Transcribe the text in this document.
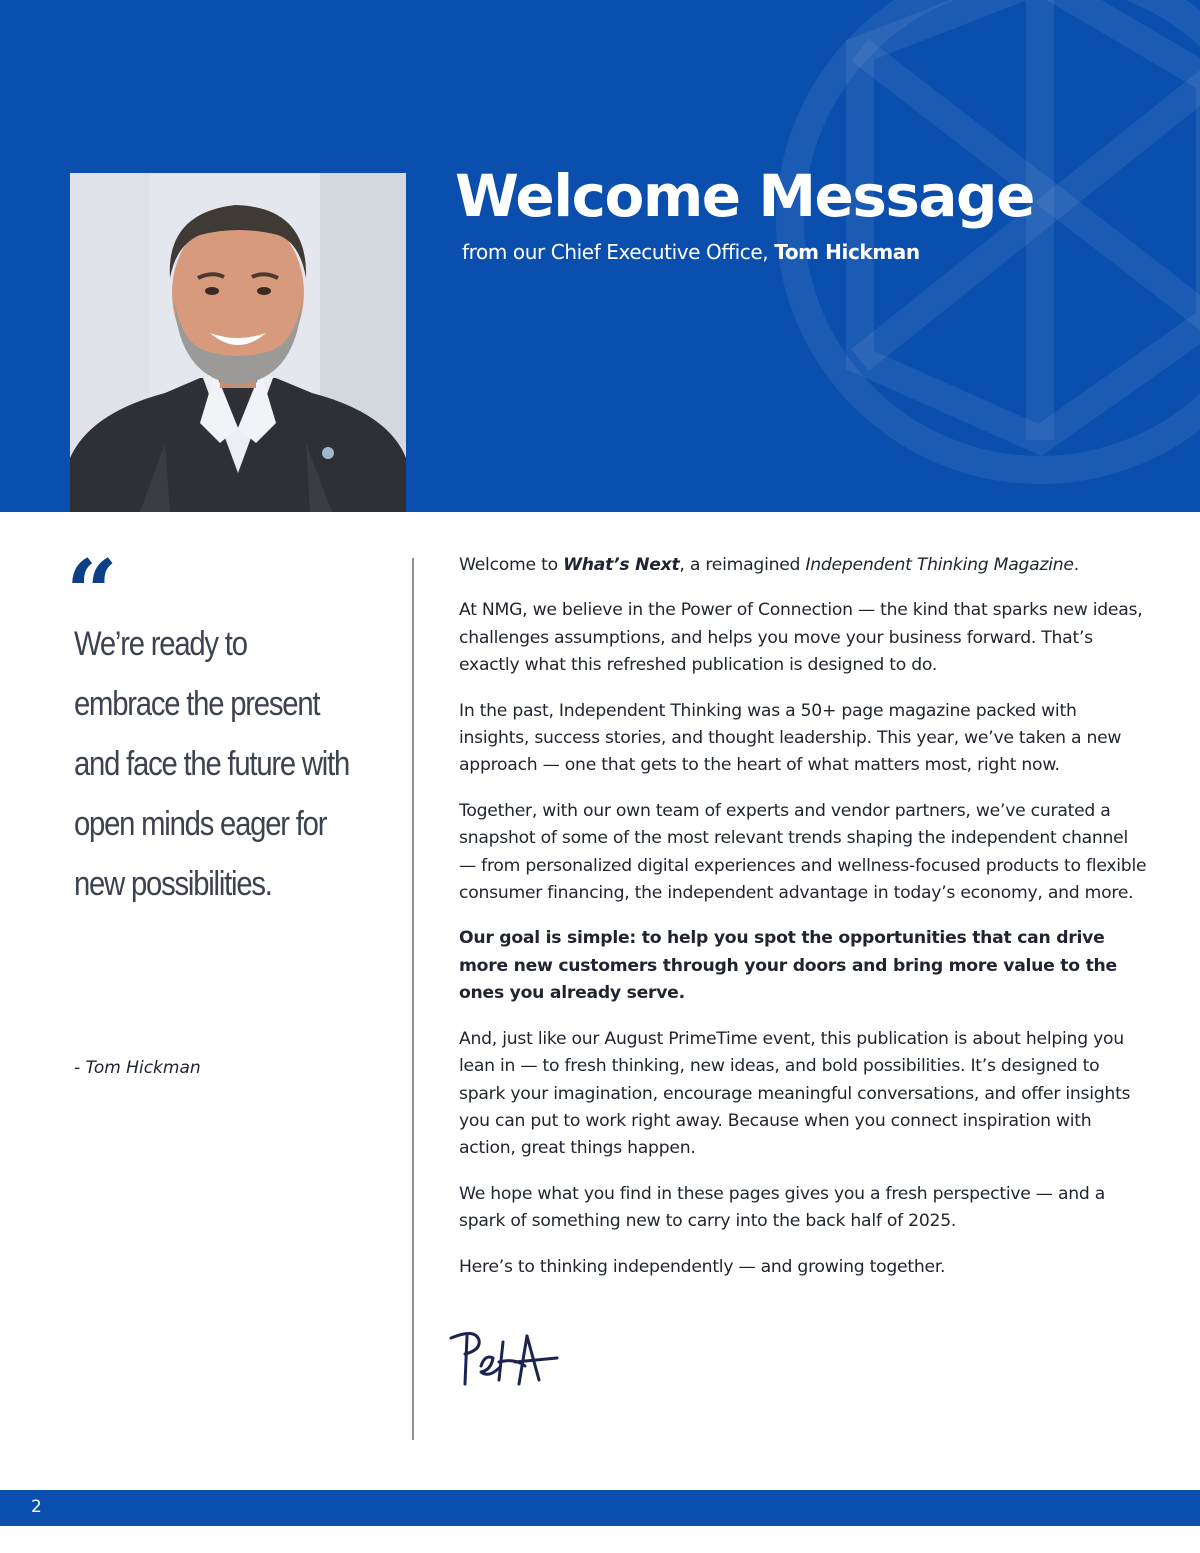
Welcome Message

from our Chief Executive Office, Tom Hickman

“

We’re ready to embrace the present and face the future with open minds eager for new possibilities.

- Tom Hickman

Welcome to What’s Next, a reimagined Independent Thinking Magazine.

At NMG, we believe in the Power of Connection — the kind that sparks new ideas, challenges assumptions, and helps you move your business forward. That’s exactly what this refreshed publication is designed to do.

In the past, Independent Thinking was a 50+ page magazine packed with insights, success stories, and thought leadership. This year, we’ve taken a new approach — one that gets to the heart of what matters most, right now.

Together, with our own team of experts and vendor partners, we’ve curated a snapshot of some of the most relevant trends shaping the independent channel — from personalized digital experiences and wellness-focused products to flexible consumer financing, the independent advantage in today’s economy, and more.

Our goal is simple: to help you spot the opportunities that can drive more new customers through your doors and bring more value to the ones you already serve.

And, just like our August PrimeTime event, this publication is about helping you lean in — to fresh thinking, new ideas, and bold possibilities. It’s designed to spark your imagination, encourage meaningful conversations, and offer insights you can put to work right away. Because when you connect inspiration with action, great things happen.

We hope what you find in these pages gives you a fresh perspective — and a spark of something new to carry into the back half of 2025.

Here’s to thinking independently — and growing together.

2
